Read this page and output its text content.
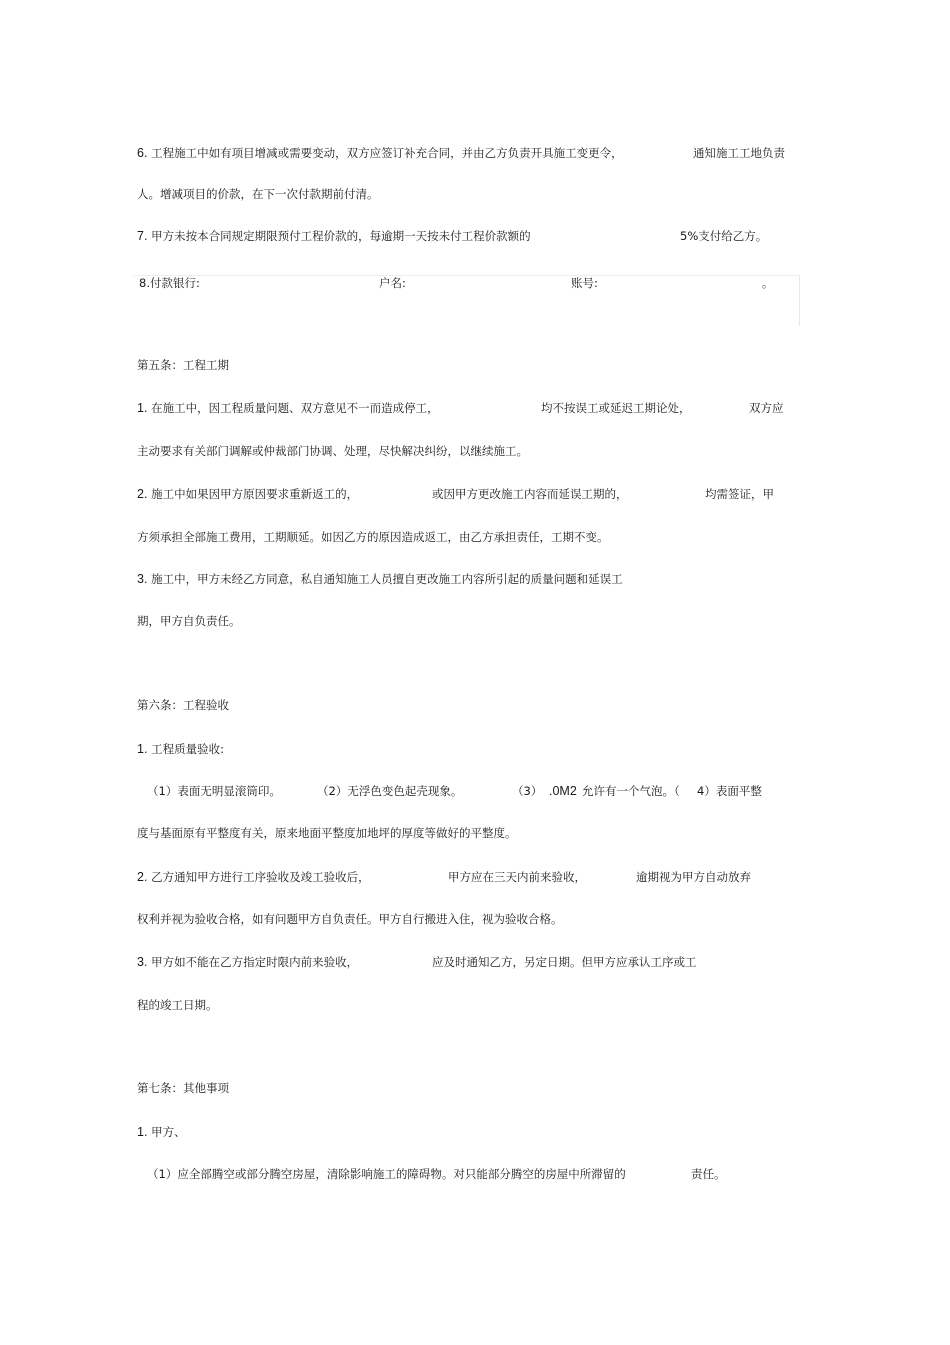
6. 工程施工中如有项目增减或需要变动，双方应签订补充合同，并由乙方负责开具施工变更令，	通知施工工地负责
人。增减项目的价款，在下一次付款期前付清。
7. 甲方未按本合同规定期限预付工程价款的，每逾期一天按未付工程价款额的	5%支付给乙方。
8.付款银行:	户名:	账号:	。
第五条：工程工期
1. 在施工中，因工程质量问题、双方意见不一而造成停工，	均不按误工或延迟工期论处，	双方应
主动要求有关部门调解或仲裁部门协调、处理，尽快解决纠纷，以继续施工。
2. 施工中如果因甲方原因要求重新返工的，	或因甲方更改施工内容而延误工期的，	均需签证，甲
方须承担全部施工费用，工期顺延。如因乙方的原因造成返工，由乙方承担责任，工期不变。
3. 施工中，甲方未经乙方同意，私自通知施工人员擅自更改施工内容所引起的质量问题和延误工
期，甲方自负责任。
第六条：工程验收
1. 工程质量验收:
（1）表面无明显滚筒印。	（2）无浮色变色起壳现象。	（3） .0M2 允许有一个气泡。（ 4）表面平整
度与基面原有平整度有关，原来地面平整度加地坪的厚度等做好的平整度。
2. 乙方通知甲方进行工序验收及竣工验收后，	甲方应在三天内前来验收，	逾期视为甲方自动放弃
权利并视为验收合格，如有问题甲方自负责任。甲方自行搬进入住，视为验收合格。
3. 甲方如不能在乙方指定时限内前来验收，	应及时通知乙方，另定日期。但甲方应承认工序或工
程的竣工日期。
第七条：其他事项
1. 甲方、
（1）应全部腾空或部分腾空房屋，清除影响施工的障碍物。对只能部分腾空的房屋中所滞留的	责任。
